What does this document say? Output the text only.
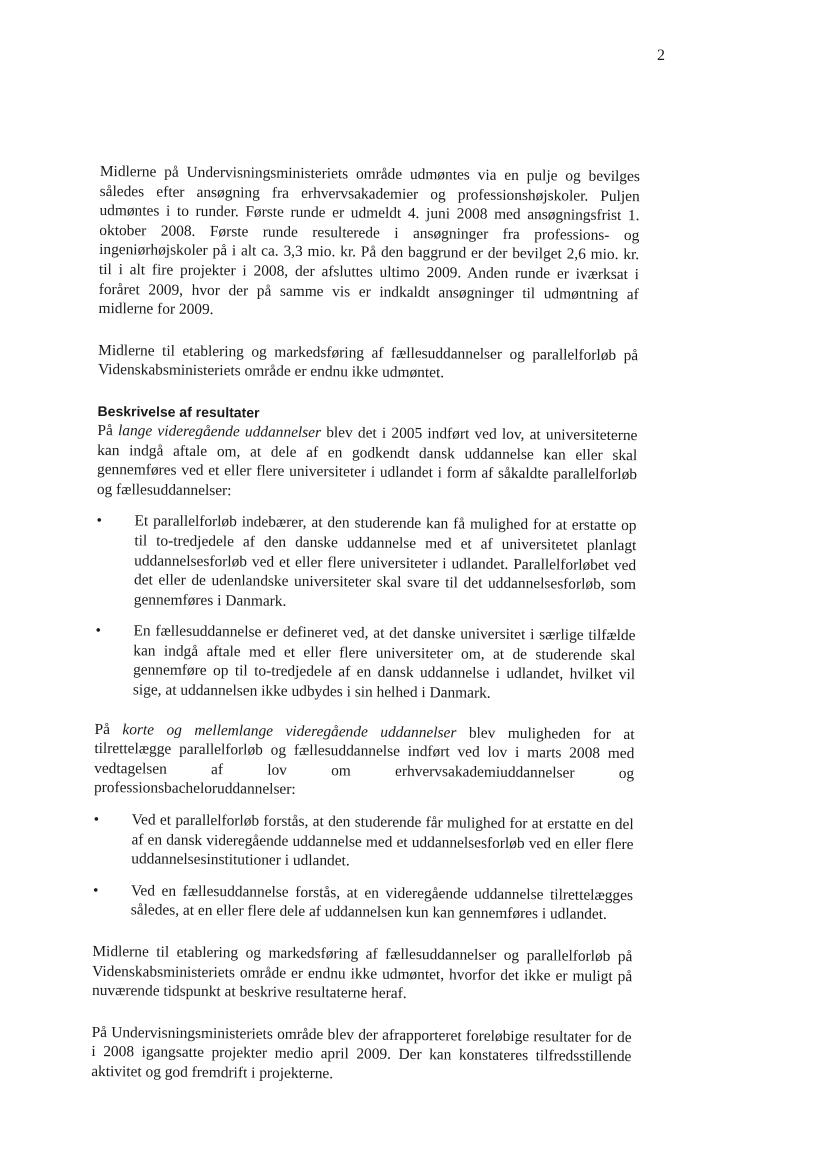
2

Midlerne på Undervisningsministeriets område udmøntes via en pulje og bevilges således efter ansøgning fra erhvervsakademier og professionshøjskoler. Puljen udmøntes i to runder. Første runde er udmeldt 4. juni 2008 med ansøgningsfrist 1. oktober 2008. Første runde resulterede i ansøgninger fra professions- og ingeniørhøjskoler på i alt ca. 3,3 mio. kr. På den baggrund er der bevilget 2,6 mio. kr. til i alt fire projekter i 2008, der afsluttes ultimo 2009. Anden runde er iværksat i foråret 2009, hvor der på samme vis er indkaldt ansøgninger til udmøntning af midlerne for 2009.

Midlerne til etablering og markedsføring af fællesuddannelser og parallelforløb på Videnskabsministeriets område er endnu ikke udmøntet.

Beskrivelse af resultater

På lange videregående uddannelser blev det i 2005 indført ved lov, at universiteterne kan indgå aftale om, at dele af en godkendt dansk uddannelse kan eller skal gennemføres ved et eller flere universiteter i udlandet i form af såkaldte parallelforløb og fællesuddannelser:

• Et parallelforløb indebærer, at den studerende kan få mulighed for at erstatte op til to-tredjedele af den danske uddannelse med et af universitetet planlagt uddannelsesforløb ved et eller flere universiteter i udlandet. Parallelforløbet ved det eller de udenlandske universiteter skal svare til det uddannelsesforløb, som gennemføres i Danmark.
• En fællesuddannelse er defineret ved, at det danske universitet i særlige tilfælde kan indgå aftale med et eller flere universiteter om, at de studerende skal gennemføre op til to-tredjedele af en dansk uddannelse i udlandet, hvilket vil sige, at uddannelsen ikke udbydes i sin helhed i Danmark.

På korte og mellemlange videregående uddannelser blev muligheden for at tilrettelægge parallelforløb og fællesuddannelse indført ved lov i marts 2008 med vedtagelsen af lov om erhvervsakademiuddannelser og professionsbacheloruddannelser:

• Ved et parallelforløb forstås, at den studerende får mulighed for at erstatte en del af en dansk videregående uddannelse med et uddannelsesforløb ved en eller flere uddannelsesinstitutioner i udlandet.
• Ved en fællesuddannelse forstås, at en videregående uddannelse tilrettelægges således, at en eller flere dele af uddannelsen kun kan gennemføres i udlandet.

Midlerne til etablering og markedsføring af fællesuddannelser og parallelforløb på Videnskabsministeriets område er endnu ikke udmøntet, hvorfor det ikke er muligt på nuværende tidspunkt at beskrive resultaterne heraf.

På Undervisningsministeriets område blev der afrapporteret foreløbige resultater for de i 2008 igangsatte projekter medio april 2009. Der kan konstateres tilfredsstillende aktivitet og god fremdrift i projekterne.
